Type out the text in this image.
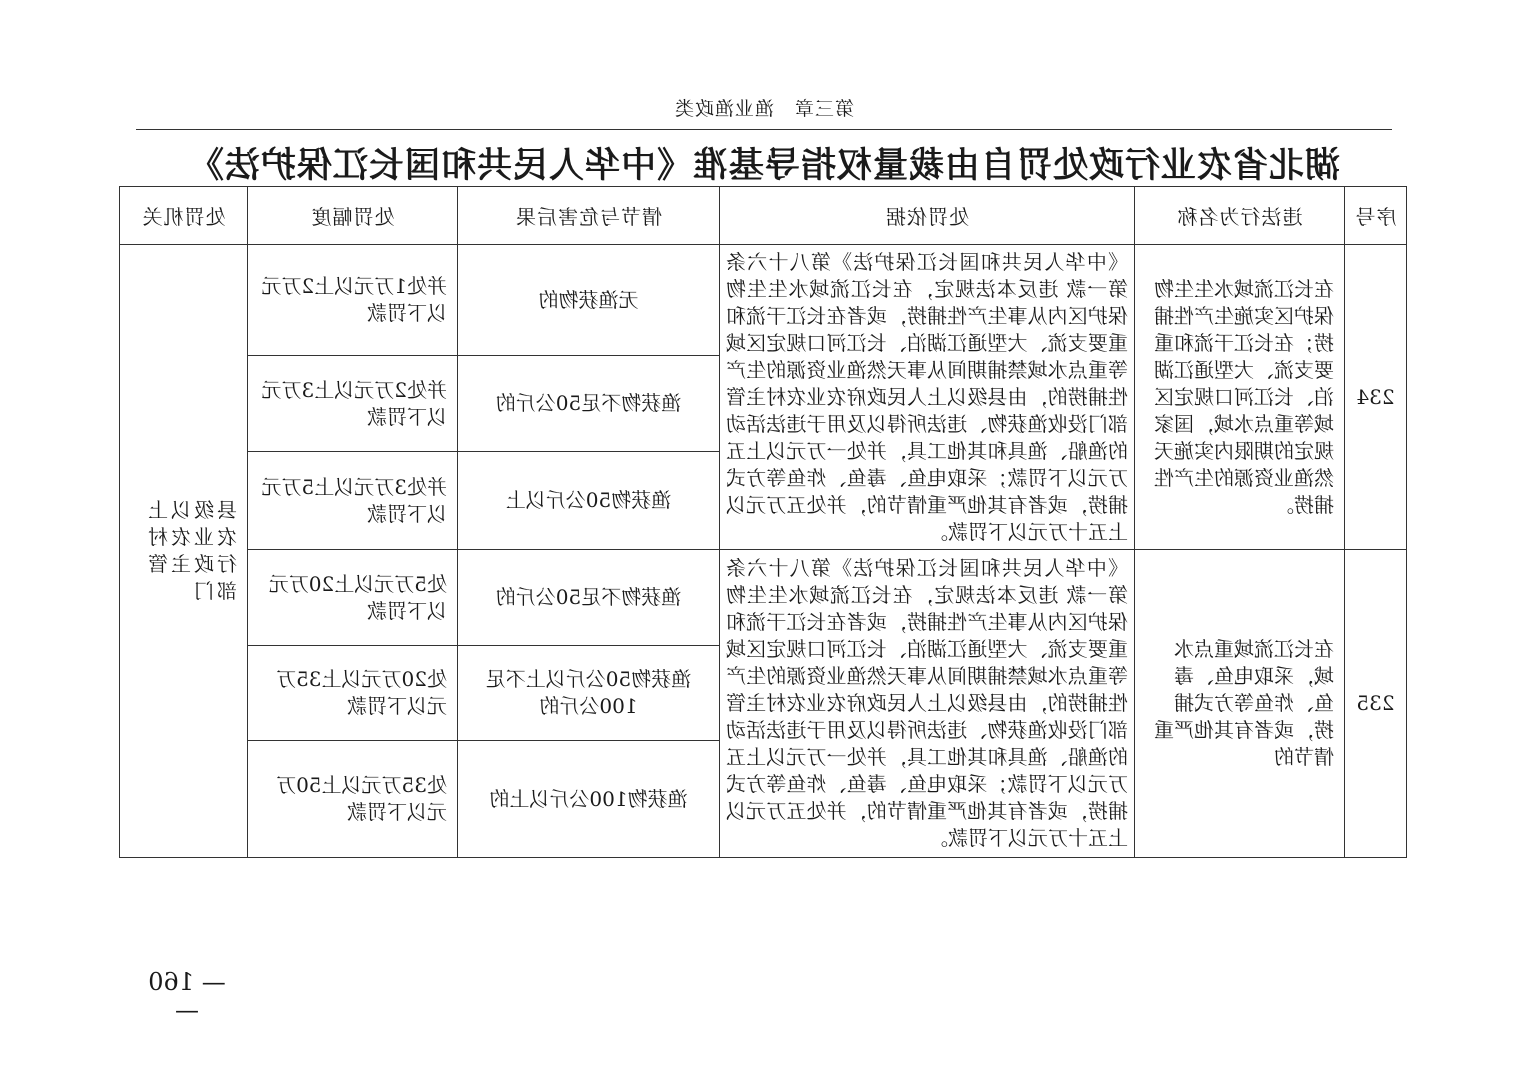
第三章　渔业渔政类
湖北省农业行政处罚自由裁量权指导基准《中华人民共和国长江保护法》
序号	违法行为名称	处罚依据	情节与危害后果	处罚幅度	处罚机关
234	在长江流域水生生物保护区实施生产性捕捞；在长江干流和重要支流、大型通江湖泊、长江河口规定区域等重点水域，国家规定的期限内实施天然渔业资源的生产性捕捞。	《中华人民共和国长江保护法》第八十六条 第一款 违反本法规定，在长江流域水生生物保护区内从事生产性捕捞，或者在长江干流和重要支流、大型通江湖泊、长江河口规定区域等重点水域禁捕期间从事天然渔业资源的生产性捕捞的，由县级以上人民政府农业农村主管部门没收渔获物、违法所得以及用于违法活动的渔船、渔具和其他工具，并处一万元以上五万元以下罚款；采取电鱼、毒鱼、炸鱼等方式捕捞，或者有其他严重情节的，并处五万元以上五十万元以下罚款。	无渔获物的	并处1万元以上2万元以下罚款	县级以上农业农村行政主管部门
			渔获物不足50公斤的	并处2万元以上3万元以下罚款	
			渔获物50公斤以上	并处3万元以上5万元以下罚款	
235	在长江流域重点水域，采取电鱼、毒鱼、炸鱼等方式捕捞，或者有其他严重情节的	《中华人民共和国长江保护法》第八十六条 第一款 违反本法规定，在长江流域水生生物保护区内从事生产性捕捞，或者在长江干流和重要支流、大型通江湖泊、长江河口规定区域等重点水域禁捕期间从事天然渔业资源的生产性捕捞的，由县级以上人民政府农业农村主管部门没收渔获物、违法所得以及用于违法活动的渔船、渔具和其他工具，并处一万元以上五万元以下罚款；采取电鱼、毒鱼、炸鱼等方式捕捞，或者有其他严重情节的，并处五万元以上五十万元以下罚款。	渔获物不足50公斤的	处5万元以上20万元以下罚款	
			渔获物50公斤以上不足100公斤的	处20万元以上35万元以下罚款	
			渔获物100公斤以上的	处35万元以上50万元以下罚款	
— 160 —
